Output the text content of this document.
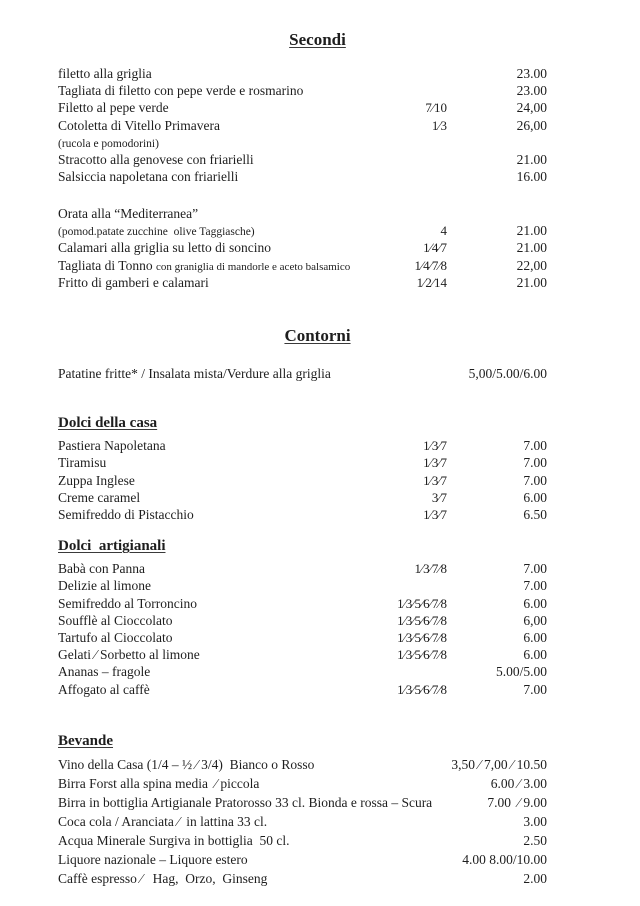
Secondi
filetto alla griglia	23.00
Tagliata di filetto con pepe verde e rosmarino	23.00
Filetto al pepe verde	7⁄10	24,00
Cotoletta di Vitello Primavera	1⁄3	26,00
(rucola e pomodorini)
Stracotto alla genovese con friarielli	21.00
Salsiccia napoletana con friarielli	16.00
Orata alla “Mediterranea”
(pomod.patate zucchine  olive Taggiasche)	4	21.00
Calamari alla griglia su letto di soncino	1⁄4⁄7	21.00
Tagliata di Tonno con graniglia di mandorle e aceto balsamico	1⁄4⁄7⁄8	22,00
Fritto di gamberi e calamari	1⁄2⁄14	21.00
Contorni
Patatine fritte* / Insalata mista/Verdure alla griglia	5,00/5.00/6.00
Dolci della casa
Pastiera Napoletana	1⁄3⁄7	7.00
Tiramisu	1⁄3⁄7	7.00
Zuppa Inglese	1⁄3⁄7	7.00
Creme caramel	3⁄7	6.00
Semifreddo di Pistacchio	1⁄3⁄7	6.50
Dolci  artigianali
Babà con Panna	1⁄3⁄7⁄8	7.00
Delizie al limone	7.00
Semifreddo al Torroncino	1⁄3⁄5⁄6⁄7⁄8	6.00
Soufflè al Cioccolato	1⁄3⁄5⁄6⁄7⁄8	6,00
Tartufo al Cioccolato	1⁄3⁄5⁄6⁄7⁄8	6.00
Gelati ⁄ Sorbetto al limone	1⁄3⁄5⁄6⁄7⁄8	6.00
Ananas – fragole	5.00/5.00
Affogato al caffè	1⁄3⁄5⁄6⁄7⁄8	7.00
Bevande
Vino della Casa (1/4 – ½ ⁄ 3/4)  Bianco o Rosso	3,50 ⁄ 7,00 ⁄ 10.50
Birra Forst alla spina media  ⁄ piccola	6.00 ⁄ 3.00
Birra in bottiglia Artigianale Pratorosso 33 cl. Bionda e rossa – Scura	7.00  ⁄ 9.00
Coca cola / Aranciata ⁄  in lattina 33 cl.	3.00
Acqua Minerale Surgiva in bottiglia  50 cl.	2.50
Liquore nazionale – Liquore estero	4.00 8.00/10.00
Caffè espresso ⁄   Hag,  Orzo,  Ginseng	2.00
